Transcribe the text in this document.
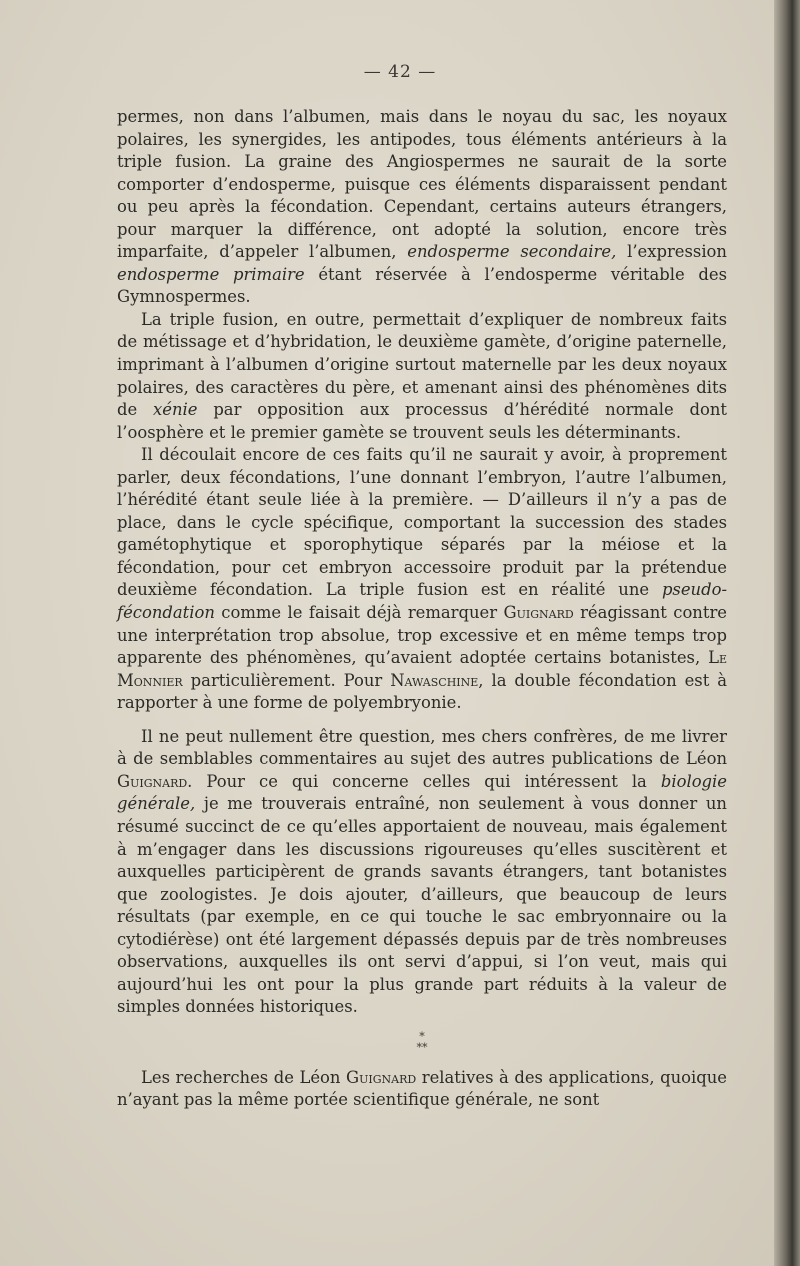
— 42 —

permes, non dans l’albumen, mais dans le noyau du sac, les noyaux polaires, les synergides, les antipodes, tous éléments antérieurs à la triple fusion. La graine des Angiospermes ne saurait de la sorte comporter d’endosperme, puisque ces éléments disparaissent pendant ou peu après la fécondation. Cependant, certains auteurs étrangers, pour marquer la différence, ont adopté la solution, encore très imparfaite, d’appeler l’albumen, endosperme secondaire, l’expression endosperme primaire étant réservée à l’endosperme véritable des Gymnospermes.

La triple fusion, en outre, permettait d’expliquer de nombreux faits de métissage et d’hybridation, le deuxième gamète, d’origine paternelle, imprimant à l’albumen d’origine surtout maternelle par les deux noyaux polaires, des caractères du père, et amenant ainsi des phénomènes dits de xénie par opposition aux processus d’hérédité normale dont l’oosphère et le premier gamète se trouvent seuls les déterminants.

Il découlait encore de ces faits qu’il ne saurait y avoir, à proprement parler, deux fécondations, l’une donnant l’embryon, l’autre l’albumen, l’hérédité étant seule liée à la première. — D’ailleurs il n’y a pas de place, dans le cycle spécifique, comportant la succession des stades gamétophytique et sporophytique séparés par la méiose et la fécondation, pour cet embryon accessoire produit par la prétendue deuxième fécondation. La triple fusion est en réalité une pseudo-fécondation comme le faisait déjà remarquer Guignard réagissant contre une interprétation trop absolue, trop excessive et en même temps trop apparente des phénomènes, qu’avaient adoptée certains botanistes, Le Monnier particulièrement. Pour Nawaschine, la double fécondation est à rapporter à une forme de polyembryonie.

Il ne peut nullement être question, mes chers confrères, de me livrer à de semblables commentaires au sujet des autres publications de Léon Guignard. Pour ce qui concerne celles qui intéressent la biologie générale, je me trouverais entraîné, non seulement à vous donner un résumé succinct de ce qu’elles apportaient de nouveau, mais également à m’engager dans les discussions rigoureuses qu’elles suscitèrent et auxquelles participèrent de grands savants étrangers, tant botanistes que zoologistes. Je dois ajouter, d’ailleurs, que beaucoup de leurs résultats (par exemple, en ce qui touche le sac embryonnaire ou la cytodiérèse) ont été largement dépassés depuis par de très nombreuses observations, auxquelles ils ont servi d’appui, si l’on veut, mais qui aujourd’hui les ont pour la plus grande part réduits à la valeur de simples données historiques.

*
**

Les recherches de Léon Guignard relatives à des applications, quoique n’ayant pas la même portée scientifique générale, ne sont
